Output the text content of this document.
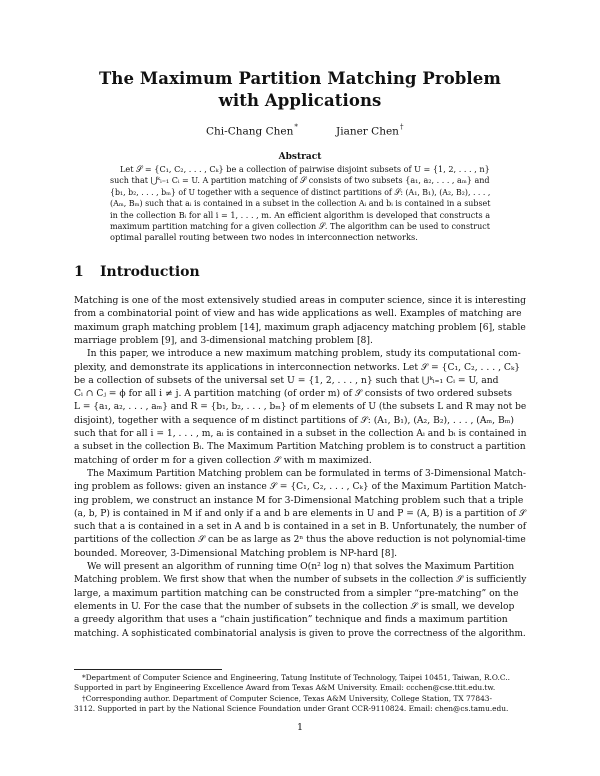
The Maximum Partition Matching Problem
with Applications
Chi-Chang Chen*	Jianer Chen†
Abstract
Let 𝒮 = {C₁, C₂, . . . , Cₖ} be a collection of pairwise disjoint subsets of U = {1, 2, . . . , n}
such that ⋃ᵏᵢ₌₁ Cᵢ = U. A partition matching of 𝒮 consists of two subsets {a₁, a₂, . . . , aₘ} and
{b₁, b₂, . . . , bₘ} of U together with a sequence of distinct partitions of 𝒮: (A₁, B₁), (A₂, B₂), . . . ,
(Aₘ, Bₘ) such that aᵢ is contained in a subset in the collection Aᵢ and bᵢ is contained in a subset
in the collection Bᵢ for all i = 1, . . . , m. An efficient algorithm is developed that constructs a
maximum partition matching for a given collection 𝒮. The algorithm can be used to construct
optimal parallel routing between two nodes in interconnection networks.
1 Introduction
Matching is one of the most extensively studied areas in computer science, since it is interesting
from a combinatorial point of view and has wide applications as well. Examples of matching are
maximum graph matching problem [14], maximum graph adjacency matching problem [6], stable
marriage problem [9], and 3-dimensional matching problem [8].
In this paper, we introduce a new maximum matching problem, study its computational com-
plexity, and demonstrate its applications in interconnection networks. Let 𝒮 = {C₁, C₂, . . . , Cₖ}
be a collection of subsets of the universal set U = {1, 2, . . . , n} such that ⋃ᵏᵢ₌₁ Cᵢ = U, and
Cᵢ ∩ Cⱼ = ϕ for all i ≠ j. A partition matching (of order m) of 𝒮 consists of two ordered subsets
L = {a₁, a₂, . . . , aₘ} and R = {b₁, b₂, . . . , bₘ} of m elements of U (the subsets L and R may not be
disjoint), together with a sequence of m distinct partitions of 𝒮: (A₁, B₁), (A₂, B₂), . . . , (Aₘ, Bₘ)
such that for all i = 1, . . . , m, aᵢ is contained in a subset in the collection Aᵢ and bᵢ is contained in
a subset in the collection Bᵢ. The Maximum Partition Matching problem is to construct a partition
matching of order m for a given collection 𝒮 with m maximized.
The Maximum Partition Matching problem can be formulated in terms of 3-Dimensional Match-
ing problem as follows: given an instance 𝒮 = {C₁, C₂, . . . , Cₖ} of the Maximum Partition Match-
ing problem, we construct an instance M for 3-Dimensional Matching problem such that a triple
(a, b, P) is contained in M if and only if a and b are elements in U and P = (A, B) is a partition of 𝒮
such that a is contained in a set in A and b is contained in a set in B. Unfortunately, the number of
partitions of the collection 𝒮 can be as large as 2ⁿ thus the above reduction is not polynomial-time
bounded. Moreover, 3-Dimensional Matching problem is NP-hard [8].
We will present an algorithm of running time O(n² log n) that solves the Maximum Partition
Matching problem. We first show that when the number of subsets in the collection 𝒮 is sufficiently
large, a maximum partition matching can be constructed from a simpler “pre-matching” on the
elements in U. For the case that the number of subsets in the collection 𝒮 is small, we develop
a greedy algorithm that uses a “chain justification” technique and finds a maximum partition
matching. A sophisticated combinatorial analysis is given to prove the correctness of the algorithm.
*Department of Computer Science and Engineering, Tatung Institute of Technology, Taipei 10451, Taiwan, R.O.C..
Supported in part by Engineering Excellence Award from Texas A&M University. Email: ccchen@cse.ttit.edu.tw.
†Corresponding author. Department of Computer Science, Texas A&M University, College Station, TX 77843-
3112. Supported in part by the National Science Foundation under Grant CCR-9110824. Email: chen@cs.tamu.edu.
1
